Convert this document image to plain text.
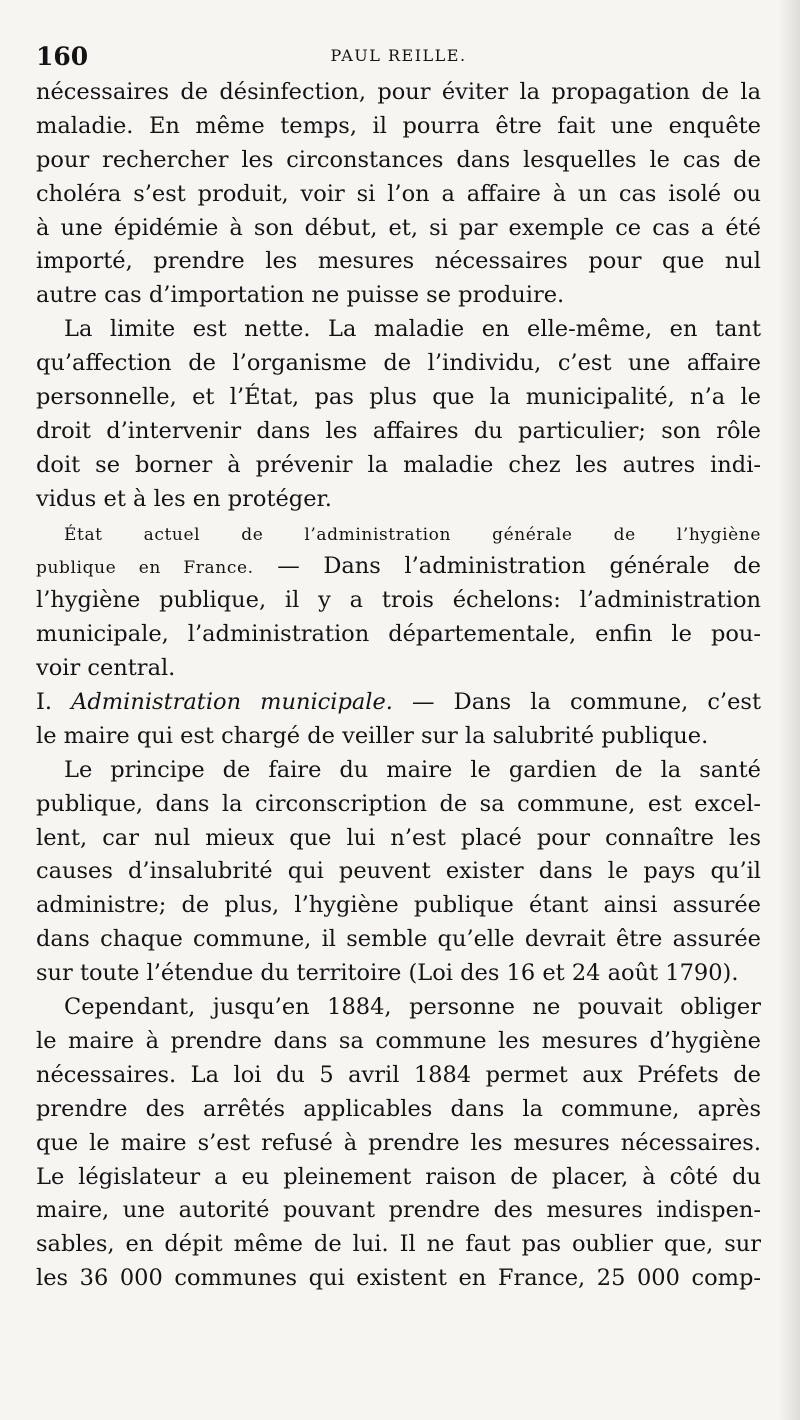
160	PAUL REILLE.
nécessaires de désinfection, pour éviter la propagation de la
maladie. En même temps, il pourra être fait une enquête
pour rechercher les circonstances dans lesquelles le cas de
choléra s’est produit, voir si l’on a affaire à un cas isolé ou
à une épidémie à son début, et, si par exemple ce cas a été
importé, prendre les mesures nécessaires pour que nul
autre cas d’importation ne puisse se produire.
La limite est nette. La maladie en elle-même, en tant
qu’affection de l’organisme de l’individu, c’est une affaire
personnelle, et l’État, pas plus que la municipalité, n’a le
droit d’intervenir dans les affaires du particulier; son rôle
doit se borner à prévenir la maladie chez les autres indi-
vidus et à les en protéger.
État actuel de l’administration générale de l’hygiène
publique en France. — Dans l’administration générale de
l’hygiène publique, il y a trois échelons: l’administration
municipale, l’administration départementale, enfin le pou-
voir central.
I. Administration municipale. — Dans la commune, c’est
le maire qui est chargé de veiller sur la salubrité publique.
Le principe de faire du maire le gardien de la santé
publique, dans la circonscription de sa commune, est excel-
lent, car nul mieux que lui n’est placé pour connaître les
causes d’insalubrité qui peuvent exister dans le pays qu’il
administre; de plus, l’hygiène publique étant ainsi assurée
dans chaque commune, il semble qu’elle devrait être assurée
sur toute l’étendue du territoire (Loi des 16 et 24 août 1790).
Cependant, jusqu’en 1884, personne ne pouvait obliger
le maire à prendre dans sa commune les mesures d’hygiène
nécessaires. La loi du 5 avril 1884 permet aux Préfets de
prendre des arrêtés applicables dans la commune, après
que le maire s’est refusé à prendre les mesures nécessaires.
Le législateur a eu pleinement raison de placer, à côté du
maire, une autorité pouvant prendre des mesures indispen-
sables, en dépit même de lui. Il ne faut pas oublier que, sur
les 36 000 communes qui existent en France, 25 000 comp-
